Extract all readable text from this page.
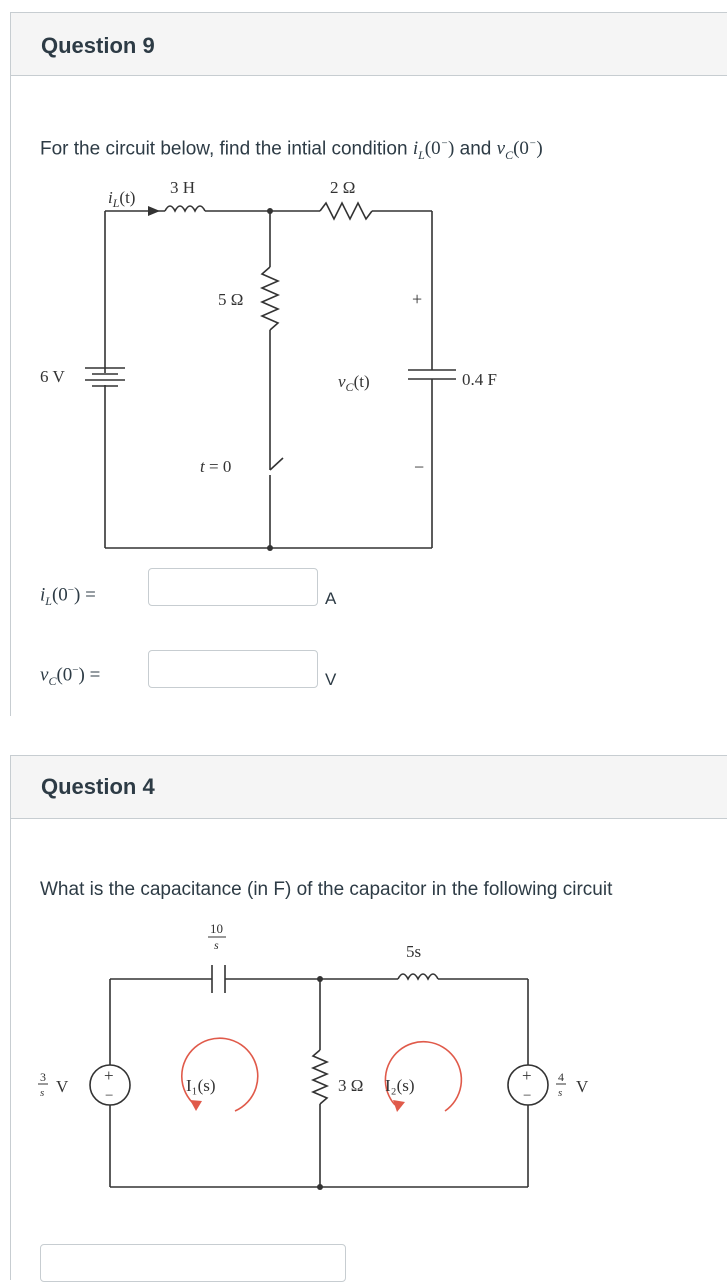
Question 9
For the circuit below, find the intial condition $i_L(0^-)$ and $v_C(0^-)$
$i_L(t)$
3 H	2 Ω
5 Ω
6 V
t = 0
$v_C(t)$
+
−
0.4 F
$i_L(0^-)$ =	A
$v_C(0^-)$ =	V
Question 4
What is the capacitance (in F) of the capacitor in the following circuit
+
−
+
−
10
s	5s
3
s V	I₁(s)	3 Ω I₂(s)	4
s V
